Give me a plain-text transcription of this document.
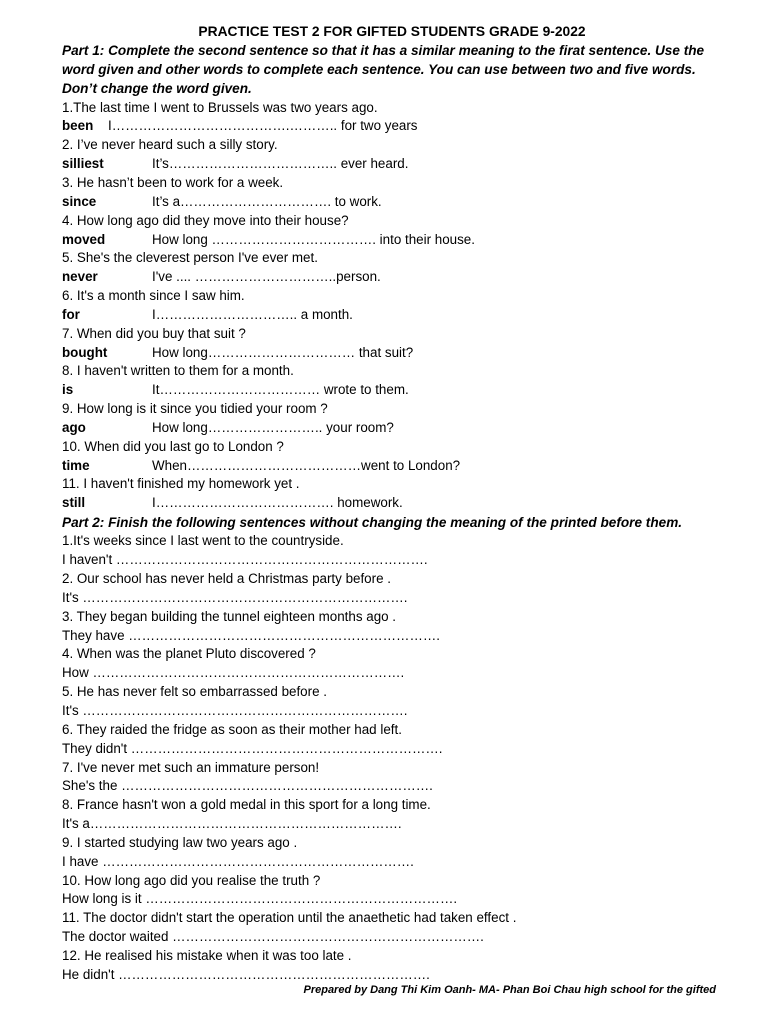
PRACTICE TEST 2 FOR GIFTED STUDENTS GRADE 9-2022
Part 1: Complete the second sentence so that it has a similar meaning to the firat sentence. Use the word given and other words to complete each sentence. You can use between two and five words. Don’t change the word given.
1.The last time I went to Brussels was two years ago.
been	I………………………………….……….. for two years
2. I’ve never heard such a silly story.
silliest	It’s……………………………….. ever heard.
3. He hasn’t been to work for a week.
since	It’s a……………………………. to work.
4. How long ago did they move into their house?
moved	How long ………………………………. into their house.
5. She's the cleverest person I've ever met.
never	I've .... …………………………..person.
6. It's a month since I saw him.
for	I………………………….. a month.
7. When did you buy that suit ?
bought	How long…………………………… that suit?
8. I haven't written to them for a month.
is	It……………………………… wrote to them.
9. How long is it since you tidied your room ?
ago	How long…………………….. your room?
10. When did you last go to London ?
time	When…………………………………went to London?
11. I haven't finished my homework yet .
still	I…………………………………. homework.
Part 2: Finish the following sentences without changing the meaning of the printed before them.
1.It's weeks since I last went to the countryside.
I haven't …………………………………………………………….
2. Our school has never held a Christmas party before .
It's ……………………………………………………………….
3. They began building the tunnel eighteen months ago .
They have …………………………………………………………….
4. When was the planet Pluto discovered ?
How …………………………………………………………….
5. He has never felt so embarrassed before .
It's ……………………………………………………………….
6. They raided the fridge as soon as their mother had left.
They didn't …………………………………………………………….
7. I've never met such an immature person!
She's the …………………………………………………………….
8. France hasn't won a gold medal in this sport for a long time.
It's a…………………………………………………………….
9. I started studying law two years ago .
I have …………………………………………………………….
10. How long ago did you realise the truth ?
How long is it …………………………………………………………….
11. The doctor didn't start the operation until the anaethetic had taken effect .
The doctor waited …………………………………………………………….
12. He realised his mistake when it was too late .
He didn't …………………………………………………………….
Prepared by Dang Thi Kim Oanh- MA- Phan Boi Chau high school for the gifted
